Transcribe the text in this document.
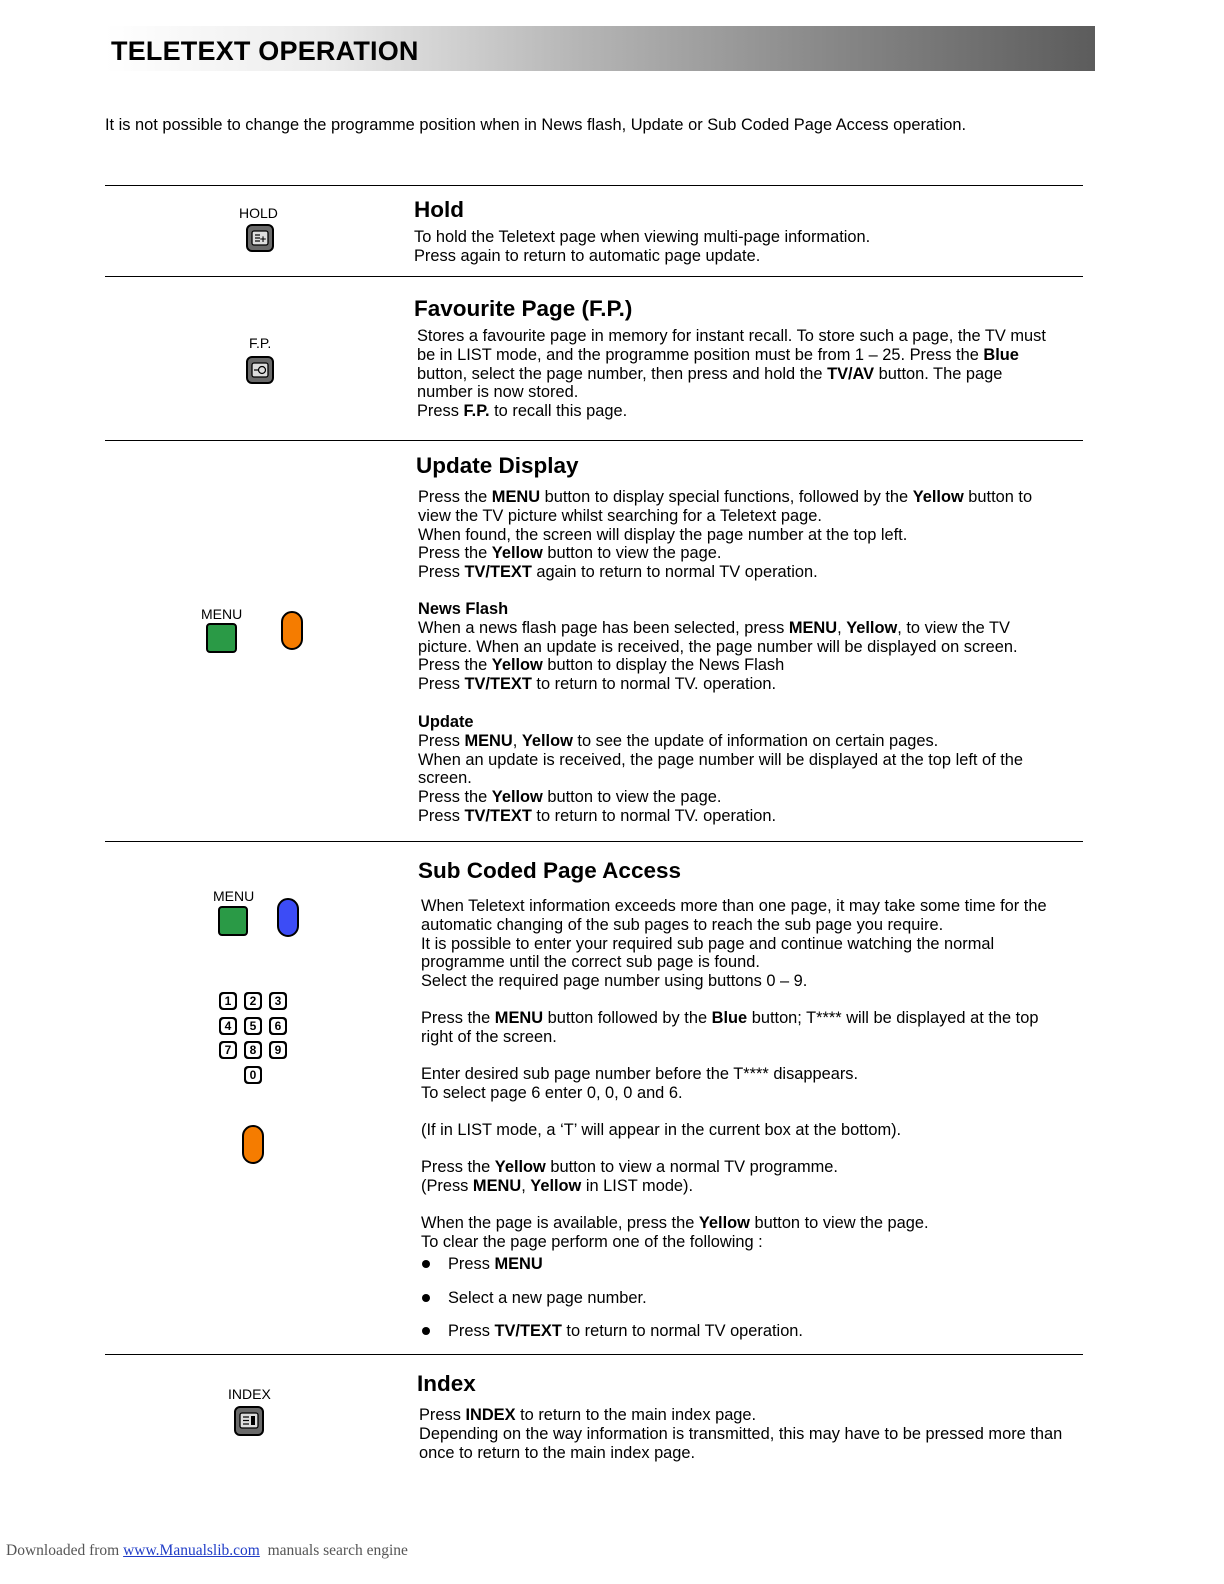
TELETEXT OPERATION
It is not possible to change the programme position when in News flash, Update or Sub Coded Page Access operation.
HOLD
+
Hold
To hold the Teletext page when viewing multi-page information.
Press again to return to automatic page update.
F.P.
Favourite Page (F.P.)
Stores a favourite page in memory for instant recall. To store such a page, the TV must
be in LIST mode, and the programme position must be from 1 – 25. Press the Blue
button, select the page number, then press and hold the TV/AV button. The page
number is now stored.
Press F.P. to recall this page.
MENU
Update Display
Press the MENU button to display special functions, followed by the Yellow button to
view the TV picture whilst searching for a Teletext page.
When found, the screen will display the page number at the top left.
Press the Yellow button to view the page.
Press TV/TEXT again to return to normal TV operation.
News Flash
When a news flash page has been selected, press MENU, Yellow, to view the TV
picture. When an update is received, the page number will be displayed on screen.
Press the Yellow button to display the News Flash
Press TV/TEXT to return to normal TV. operation.
Update
Press MENU, Yellow to see the update of information on certain pages.
When an update is received, the page number will be displayed at the top left of the
screen.
Press the Yellow button to view the page.
Press TV/TEXT to return to normal TV. operation.
MENU
1	2	3
4	5	6
7	8	9
0
Sub Coded Page Access
When Teletext information exceeds more than one page, it may take some time for the
automatic changing of the sub pages to reach the sub page you require.
It is possible to enter your required sub page and continue watching the normal
programme until the correct sub page is found.
Select the required page number using buttons 0 – 9.
Press the MENU button followed by the Blue button; T**** will be displayed at the top
right of the screen.
Enter desired sub page number before the T**** disappears.
To select page 6 enter 0, 0, 0 and 6.
(If in LIST mode, a ‘T’ will appear in the current box at the bottom).
Press the Yellow button to view a normal TV programme.
(Press MENU, Yellow in LIST mode).
When the page is available, press the Yellow button to view the page.
To clear the page perform one of the following :
Press MENU
Select a new page number.
Press TV/TEXT to return to normal TV operation.
INDEX	Index
Press INDEX to return to the main index page.
Depending on the way information is transmitted, this may have to be pressed more than
once to return to the main index page.
Downloaded from www.Manualslib.com  manuals search engine
